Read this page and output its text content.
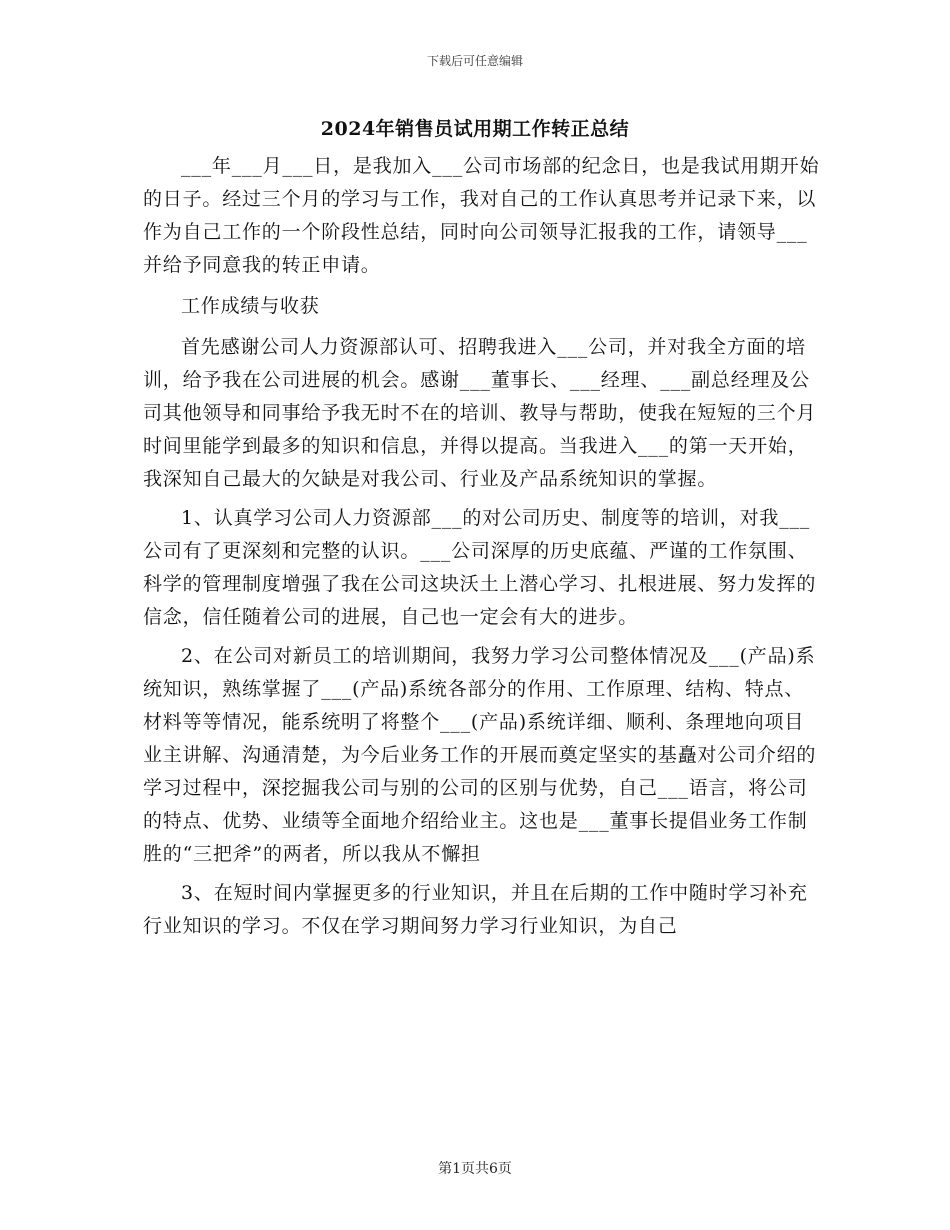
下载后可任意编辑
2024年销售员试用期工作转正总结

___年___月___日，是我加入___公司市场部的纪念日，也是我试用期开始的日子。经过三个月的学习与工作，我对自己的工作认真思考并记录下来，以作为自己工作的一个阶段性总结，同时向公司领导汇报我的工作，请领导___并给予同意我的转正申请。

工作成绩与收获

首先感谢公司人力资源部认可、招聘我进入___公司，并对我全方面的培训，给予我在公司进展的机会。感谢___董事长、___经理、___副总经理及公司其他领导和同事给予我无时不在的培训、教导与帮助，使我在短短的三个月时间里能学到最多的知识和信息，并得以提高。当我进入___的第一天开始，我深知自己最大的欠缺是对我公司、行业及产品系统知识的掌握。

1、认真学习公司人力资源部___的对公司历史、制度等的培训，对我___公司有了更深刻和完整的认识。___公司深厚的历史底蕴、严谨的工作氛围、科学的管理制度增强了我在公司这块沃土上潜心学习、扎根进展、努力发挥的信念，信任随着公司的进展，自己也一定会有大的进步。

2、在公司对新员工的培训期间，我努力学习公司整体情况及___(产品)系统知识，熟练掌握了___(产品)系统各部分的作用、工作原理、结构、特点、材料等等情况，能系统明了将整个___(产品)系统详细、顺利、条理地向项目业主讲解、沟通清楚，为今后业务工作的开展而奠定坚实的基矗对公司介绍的学习过程中，深挖掘我公司与别的公司的区别与优势，自己___语言，将公司的特点、优势、业绩等全面地介绍给业主。这也是___董事长提倡业务工作制胜的“三把斧”的两者，所以我从不懈担

3、在短时间内掌握更多的行业知识，并且在后期的工作中随时学习补充行业知识的学习。不仅在学习期间努力学习行业知识，为自己

第1页共6页
